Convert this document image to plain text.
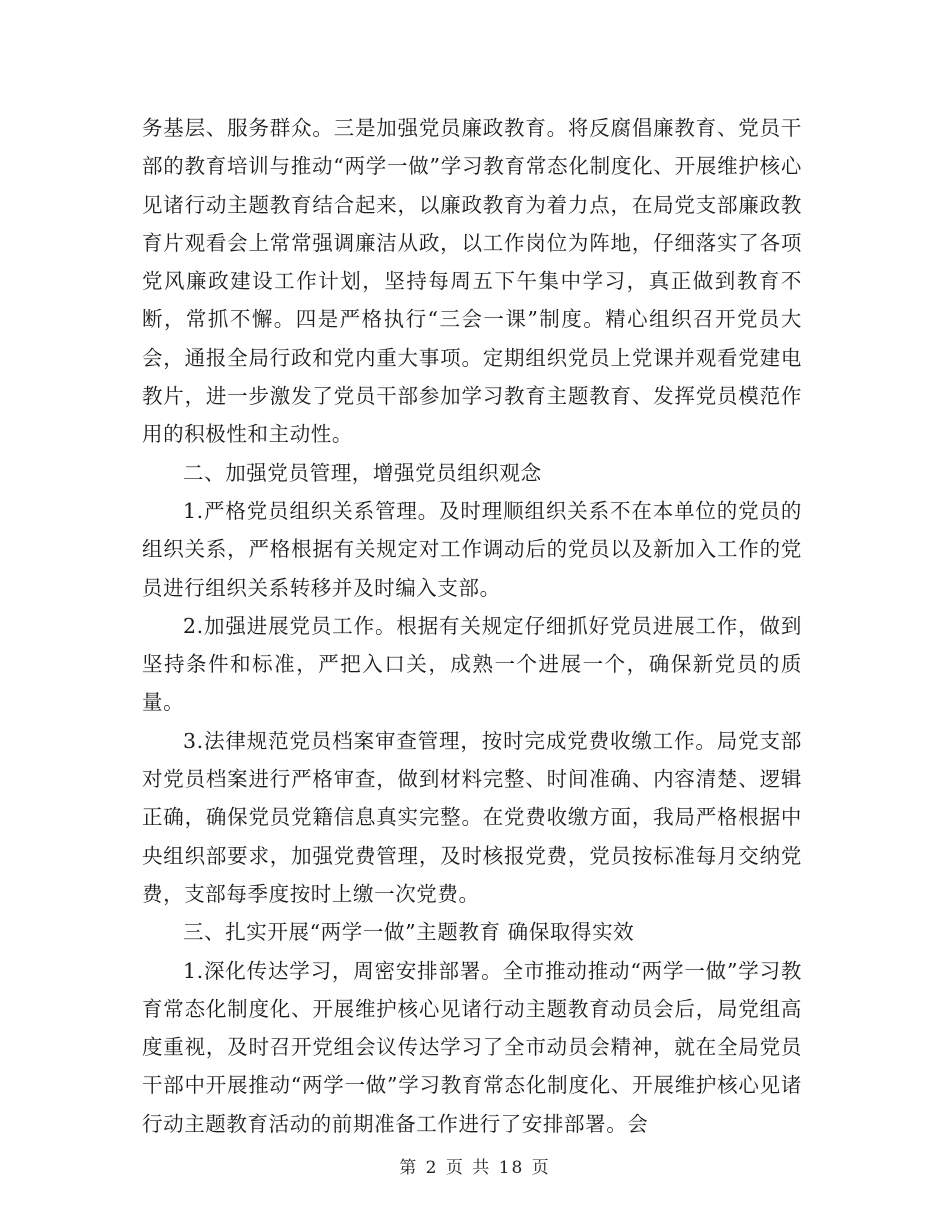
务基层、服务群众。三是加强党员廉政教育。将反腐倡廉教育、党员干部的教育培训与推动“两学一做”学习教育常态化制度化、开展维护核心见诸行动主题教育结合起来，以廉政教育为着力点，在局党支部廉政教育片观看会上常常强调廉洁从政，以工作岗位为阵地，仔细落实了各项党风廉政建设工作计划，坚持每周五下午集中学习，真正做到教育不断，常抓不懈。四是严格执行“三会一课”制度。精心组织召开党员大会，通报全局行政和党内重大事项。定期组织党员上党课并观看党建电教片，进一步激发了党员干部参加学习教育主题教育、发挥党员模范作用的积极性和主动性。

二、加强党员管理，增强党员组织观念

1.严格党员组织关系管理。及时理顺组织关系不在本单位的党员的组织关系，严格根据有关规定对工作调动后的党员以及新加入工作的党员进行组织关系转移并及时编入支部。

2.加强进展党员工作。根据有关规定仔细抓好党员进展工作，做到坚持条件和标准，严把入口关，成熟一个进展一个，确保新党员的质量。

3.法律规范党员档案审查管理，按时完成党费收缴工作。局党支部对党员档案进行严格审查，做到材料完整、时间准确、内容清楚、逻辑正确，确保党员党籍信息真实完整。在党费收缴方面，我局严格根据中央组织部要求，加强党费管理，及时核报党费，党员按标准每月交纳党费，支部每季度按时上缴一次党费。

三、扎实开展“两学一做”主题教育 确保取得实效

1.深化传达学习，周密安排部署。全市推动推动“两学一做”学习教育常态化制度化、开展维护核心见诸行动主题教育动员会后，局党组高度重视，及时召开党组会议传达学习了全市动员会精神，就在全局党员干部中开展推动“两学一做”学习教育常态化制度化、开展维护核心见诸行动主题教育活动的前期准备工作进行了安排部署。会

第 2 页 共 18 页
